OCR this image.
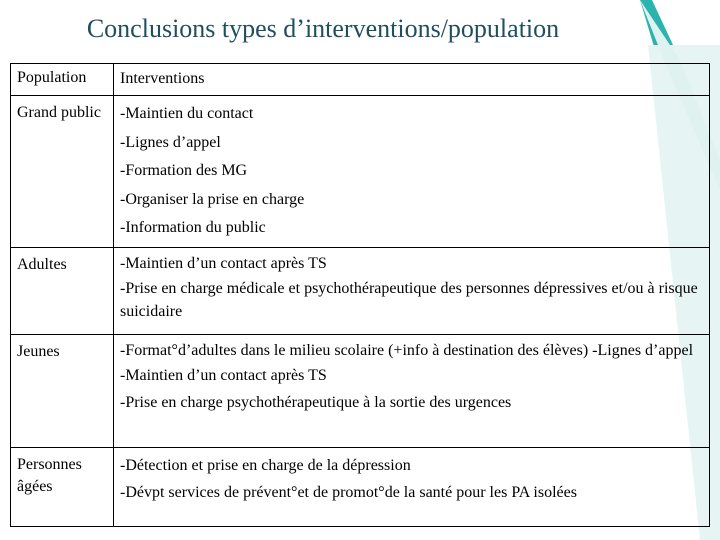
Conclusions types d’interventions/population
Population	Interventions
Grand public	-Maintien du contact
-Lignes d’appel
-Formation des MG
-Organiser la prise en charge
-Information du public

Adultes	-Maintien d’un contact après TS
-Prise en charge médicale et psychothérapeutique des personnes dépressives et/ou à risque suicidaire

Jeunes	-Format°d’adultes dans le milieu scolaire (+info à destination des élèves) -Lignes d’appel
-Maintien d’un contact après TS
-Prise en charge psychothérapeutique à la sortie des urgences

Personnes âgées	-Détection et prise en charge de la dépression
-Dévpt services de prévent°et de promot°de la santé pour les PA isolées
